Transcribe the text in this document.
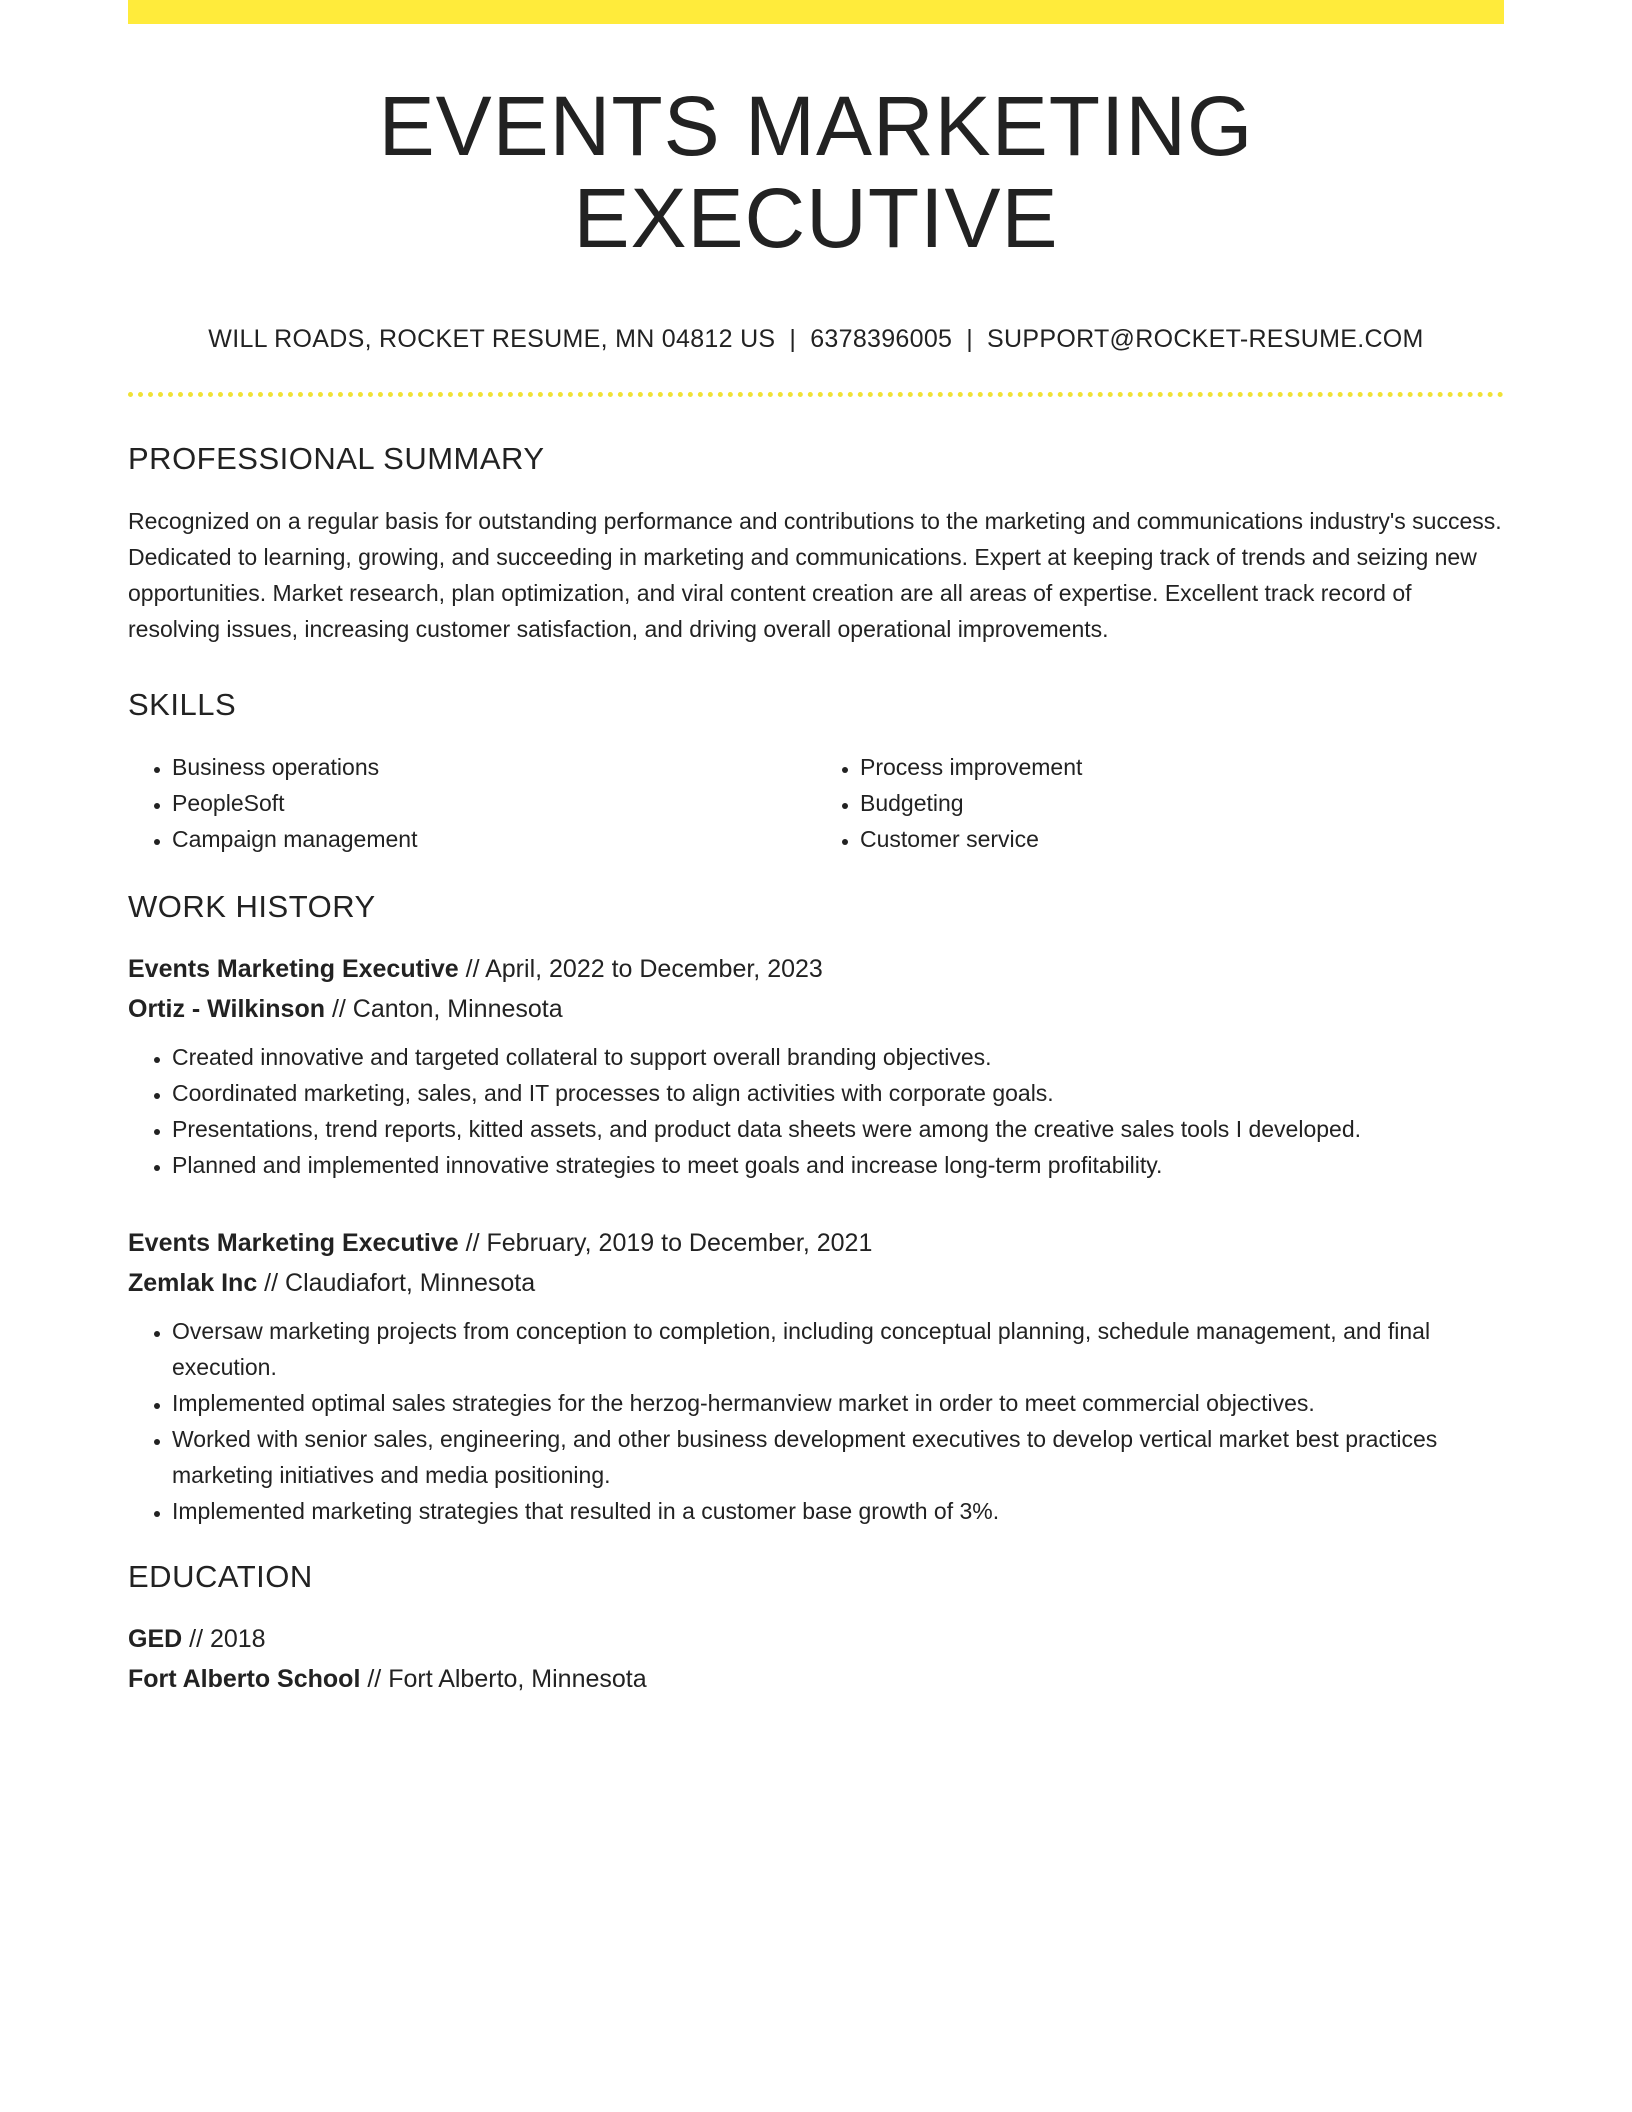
EVENTS MARKETING EXECUTIVE
WILL ROADS, ROCKET RESUME, MN 04812 US | 6378396005 | SUPPORT@ROCKET-RESUME.COM
PROFESSIONAL SUMMARY

Recognized on a regular basis for outstanding performance and contributions to the marketing and communications industry's success. Dedicated to learning, growing, and succeeding in marketing and communications. Expert at keeping track of trends and seizing new opportunities. Market research, plan optimization, and viral content creation are all areas of expertise. Excellent track record of resolving issues, increasing customer satisfaction, and driving overall operational improvements.

SKILLS
• Business operations
• PeopleSoft
• Campaign management
• Process improvement
• Budgeting
• Customer service
WORK HISTORY
Events Marketing Executive // April, 2022 to December, 2023
Ortiz - Wilkinson // Canton, Minnesota
• Created innovative and targeted collateral to support overall branding objectives.
• Coordinated marketing, sales, and IT processes to align activities with corporate goals.
• Presentations, trend reports, kitted assets, and product data sheets were among the creative sales tools I developed.
• Planned and implemented innovative strategies to meet goals and increase long-term profitability.
Events Marketing Executive // February, 2019 to December, 2021
Zemlak Inc // Claudiafort, Minnesota
• Oversaw marketing projects from conception to completion, including conceptual planning, schedule management, and final execution.
• Implemented optimal sales strategies for the herzog-hermanview market in order to meet commercial objectives.
• Worked with senior sales, engineering, and other business development executives to develop vertical market best practices marketing initiatives and media positioning.
• Implemented marketing strategies that resulted in a customer base growth of 3%.
EDUCATION
GED // 2018
Fort Alberto School // Fort Alberto, Minnesota
